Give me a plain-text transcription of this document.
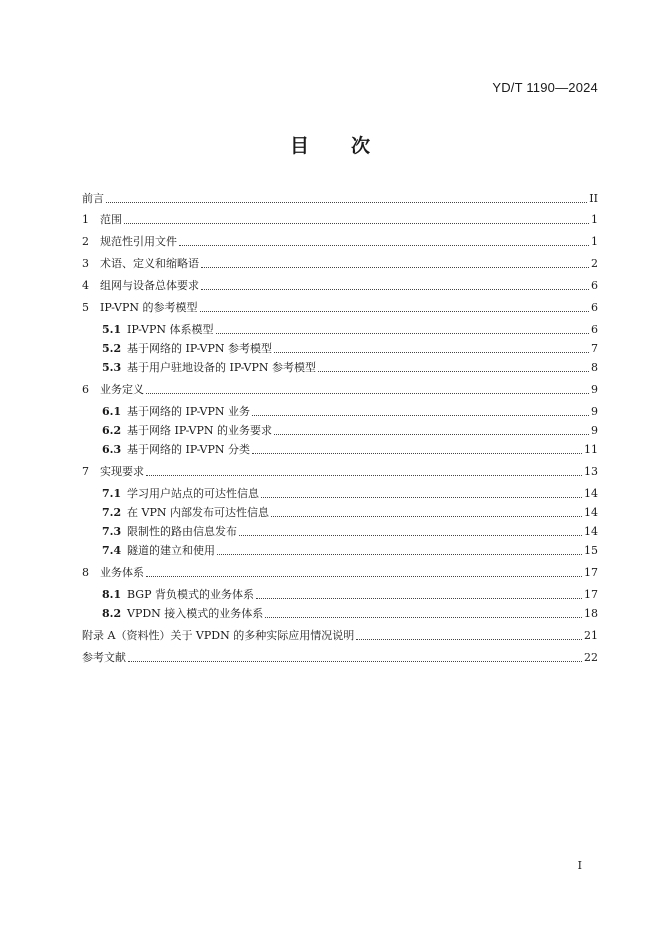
YD/T 1190—2024
目 次
前言	II
1	范围	1
2	规范性引用文件	1
3	术语、定义和缩略语	2
4	组网与设备总体要求	6
5	IP-VPN 的参考模型	6
5.1 IP-VPN 体系模型	6
5.2 基于网络的 IP-VPN 参考模型	7
5.3 基于用户驻地设备的 IP-VPN 参考模型	8
6	业务定义	9
6.1 基于网络的 IP-VPN 业务	9
6.2 基于网络 IP-VPN 的业务要求	9
6.3 基于网络的 IP-VPN 分类	11
7	实现要求	13
7.1 学习用户站点的可达性信息	14
7.2 在 VPN 内部发布可达性信息	14
7.3 限制性的路由信息发布	14
7.4 隧道的建立和使用	15
8	业务体系	17
8.1 BGP 背负模式的业务体系	17
8.2 VPDN 接入模式的业务体系	18
附录 A（资料性）关于 VPDN 的多种实际应用情况说明	21
参考文献	22
I
